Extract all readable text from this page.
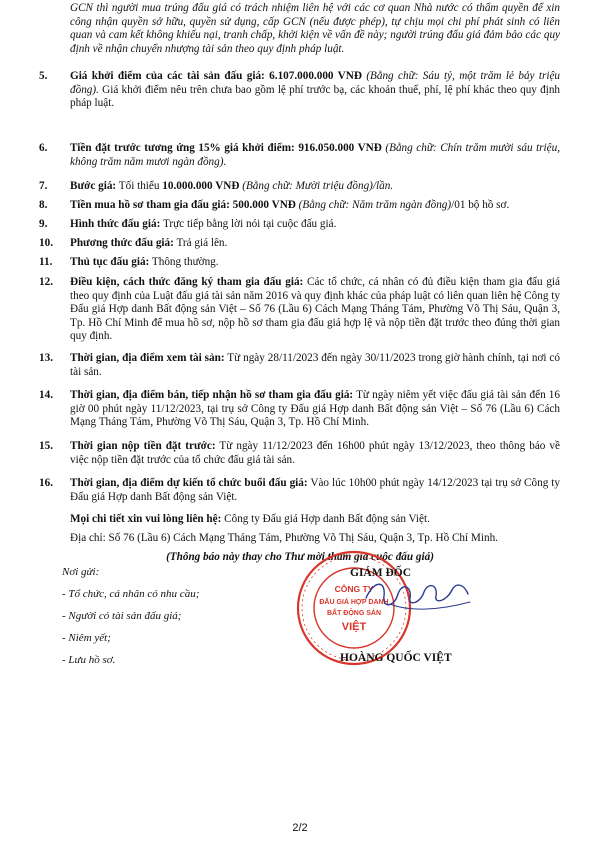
GCN thì người mua trúng đấu giá có trách nhiệm liên hệ với các cơ quan Nhà nước có thẩm quyền để xin công nhận quyền sở hữu, quyền sử dụng, cấp GCN (nếu được phép), tự chịu mọi chi phí phát sinh có liên quan và cam kết không khiếu nại, tranh chấp, khởi kiện về vấn đề này; người trúng đấu giá đảm bảo các quy định về nhận chuyển nhượng tài sản theo quy định pháp luật.
5. Giá khởi điểm của các tài sản đấu giá: 6.107.000.000 VNĐ (Bằng chữ: Sáu tỷ, một trăm lẻ bảy triệu đồng). Giá khởi điểm nêu trên chưa bao gồm lệ phí trước bạ, các khoản thuế, phí, lệ phí khác theo quy định pháp luật.
6. Tiền đặt trước tương ứng 15% giá khởi điểm: 916.050.000 VNĐ (Bằng chữ: Chín trăm mười sáu triệu, không trăm năm mươi ngàn đồng).
7. Bước giá: Tối thiểu 10.000.000 VNĐ (Bằng chữ: Mười triệu đồng)/lần.
8. Tiền mua hồ sơ tham gia đấu giá: 500.000 VNĐ (Bằng chữ: Năm trăm ngàn đồng)/01 bộ hồ sơ.
9. Hình thức đấu giá: Trực tiếp bằng lời nói tại cuộc đấu giá.
10. Phương thức đấu giá: Trả giá lên.
11. Thủ tục đấu giá: Thông thường.
12. Điều kiện, cách thức đăng ký tham gia đấu giá: Các tổ chức, cá nhân có đủ điều kiện tham gia đấu giá theo quy định của Luật đấu giá tài sản năm 2016 và quy định khác của pháp luật có liên quan liên hệ Công ty Đấu giá Hợp danh Bất động sản Việt – Số 76 (Lầu 6) Cách Mạng Tháng Tám, Phường Võ Thị Sáu, Quận 3, Tp. Hồ Chí Minh để mua hồ sơ, nộp hồ sơ tham gia đấu giá hợp lệ và nộp tiền đặt trước theo đúng thời gian quy định.
13. Thời gian, địa điểm xem tài sản: Từ ngày 28/11/2023 đến ngày 30/11/2023 trong giờ hành chính, tại nơi có tài sản.
14. Thời gian, địa điểm bán, tiếp nhận hồ sơ tham gia đấu giá: Từ ngày niêm yết việc đấu giá tài sản đến 16 giờ 00 phút ngày 11/12/2023, tại trụ sở Công ty Đấu giá Hợp danh Bất động sản Việt – Số 76 (Lầu 6) Cách Mạng Tháng Tám, Phường Võ Thị Sáu, Quận 3, Tp. Hồ Chí Minh.
15. Thời gian nộp tiền đặt trước: Từ ngày 11/12/2023 đến 16h00 phút ngày 13/12/2023, theo thông báo về việc nộp tiền đặt trước của tổ chức đấu giá tài sản.
16. Thời gian, địa điểm dự kiến tổ chức buổi đấu giá: Vào lúc 10h00 phút ngày 14/12/2023 tại trụ sở Công ty Đấu giá Hợp danh Bất động sản Việt.
Mọi chi tiết xin vui lòng liên hệ: Công ty Đấu giá Hợp danh Bất động sản Việt.
Địa chỉ: Số 76 (Lầu 6) Cách Mạng Tháng Tám, Phường Võ Thị Sáu, Quận 3, Tp. Hồ Chí Minh.
(Thông báo này thay cho Thư mời tham gia cuộc đấu giá)
Nơi gửi:
- Tổ chức, cá nhân có nhu cầu;
- Người có tài sản đấu giá;
- Niêm yết;
- Lưu hồ sơ.
CÔNG TY
ĐẤU GIÁ HỢP DANH
BẤT ĐỘNG SẢN
VIỆT
GIÁM ĐỐC
HOÀNG QUỐC VIỆT
2/2
